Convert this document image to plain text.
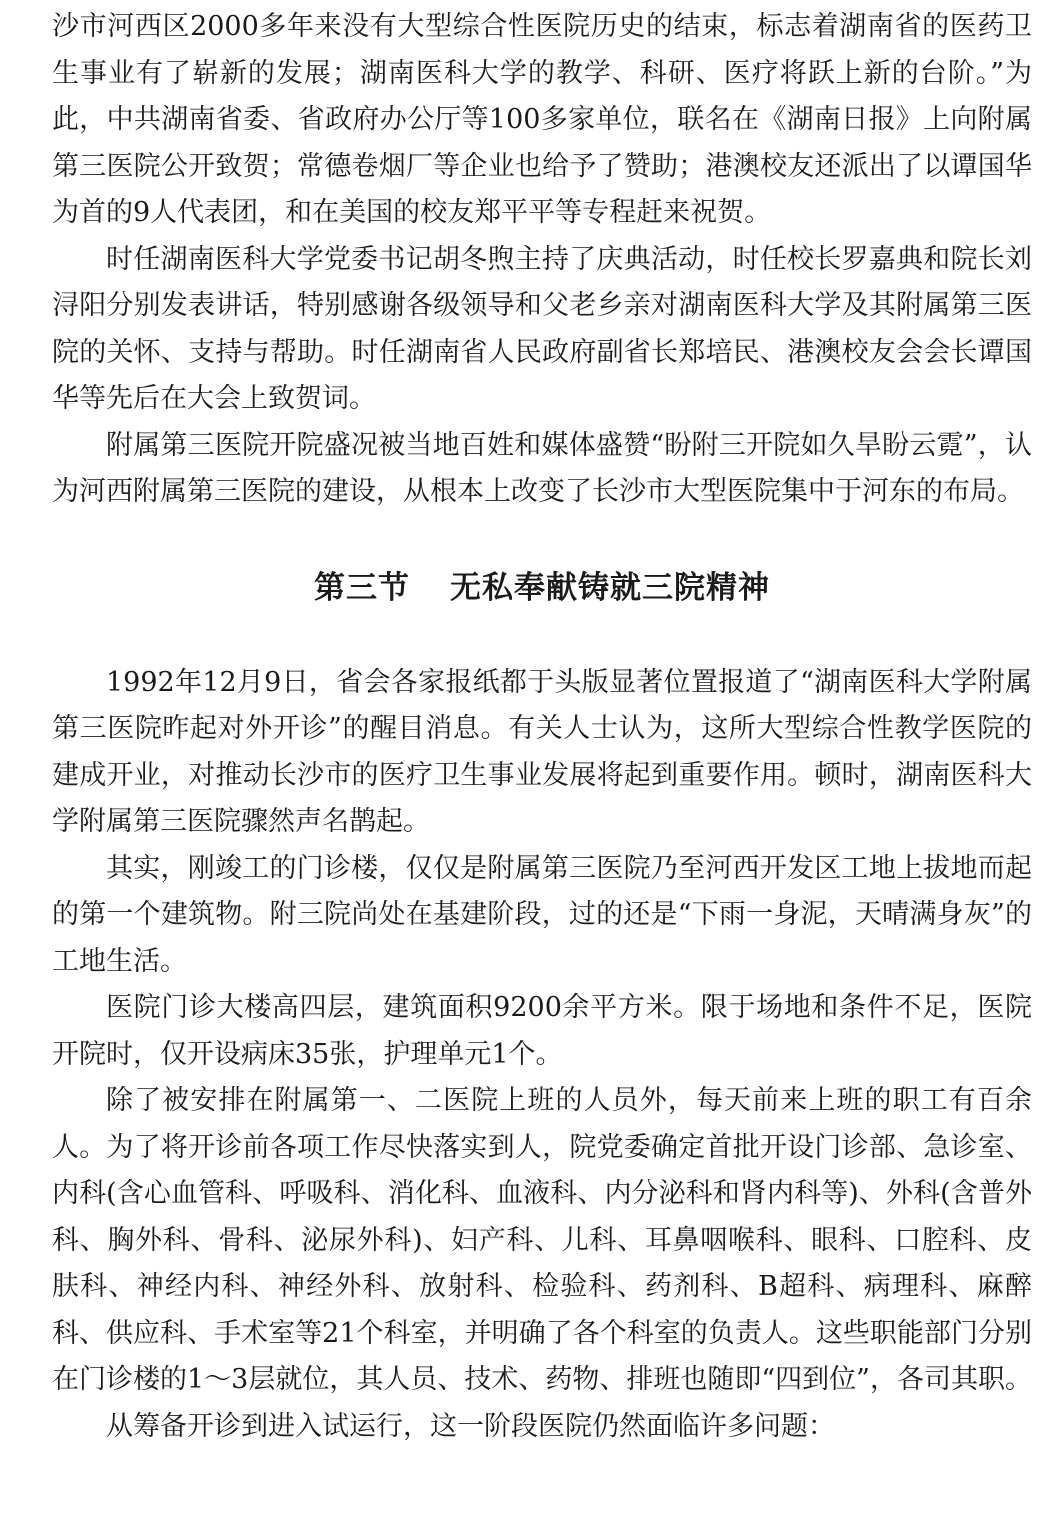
沙市河西区2000多年来没有大型综合性医院历史的结束，标志着湖南省的医药卫生事业有了崭新的发展；湖南医科大学的教学、科研、医疗将跃上新的台阶。”为此，中共湖南省委、省政府办公厅等100多家单位，联名在《湖南日报》上向附属第三医院公开致贺；常德卷烟厂等企业也给予了赞助；港澳校友还派出了以谭国华为首的9人代表团，和在美国的校友郑平平等专程赶来祝贺。

时任湖南医科大学党委书记胡冬煦主持了庆典活动，时任校长罗嘉典和院长刘浔阳分别发表讲话，特别感谢各级领导和父老乡亲对湖南医科大学及其附属第三医院的关怀、支持与帮助。时任湖南省人民政府副省长郑培民、港澳校友会会长谭国华等先后在大会上致贺词。

附属第三医院开院盛况被当地百姓和媒体盛赞“盼附三开院如久旱盼云霓”，认为河西附属第三医院的建设，从根本上改变了长沙市大型医院集中于河东的布局。

第三节 无私奉献铸就三院精神

1992年12月9日，省会各家报纸都于头版显著位置报道了“湖南医科大学附属第三医院昨起对外开诊”的醒目消息。有关人士认为，这所大型综合性教学医院的建成开业，对推动长沙市的医疗卫生事业发展将起到重要作用。顿时，湖南医科大学附属第三医院骤然声名鹊起。

其实，刚竣工的门诊楼，仅仅是附属第三医院乃至河西开发区工地上拔地而起的第一个建筑物。附三院尚处在基建阶段，过的还是“下雨一身泥，天晴满身灰”的工地生活。

医院门诊大楼高四层，建筑面积9200余平方米。限于场地和条件不足，医院开院时，仅开设病床35张，护理单元1个。

除了被安排在附属第一、二医院上班的人员外，每天前来上班的职工有百余人。为了将开诊前各项工作尽快落实到人，院党委确定首批开设门诊部、急诊室、内科(含心血管科、呼吸科、消化科、血液科、内分泌科和肾内科等)、外科(含普外科、胸外科、骨科、泌尿外科)、妇产科、儿科、耳鼻咽喉科、眼科、口腔科、皮肤科、神经内科、神经外科、放射科、检验科、药剂科、B超科、病理科、麻醉科、供应科、手术室等21个科室，并明确了各个科室的负责人。这些职能部门分别在门诊楼的1～3层就位，其人员、技术、药物、排班也随即“四到位”，各司其职。

从筹备开诊到进入试运行，这一阶段医院仍然面临许多问题：
